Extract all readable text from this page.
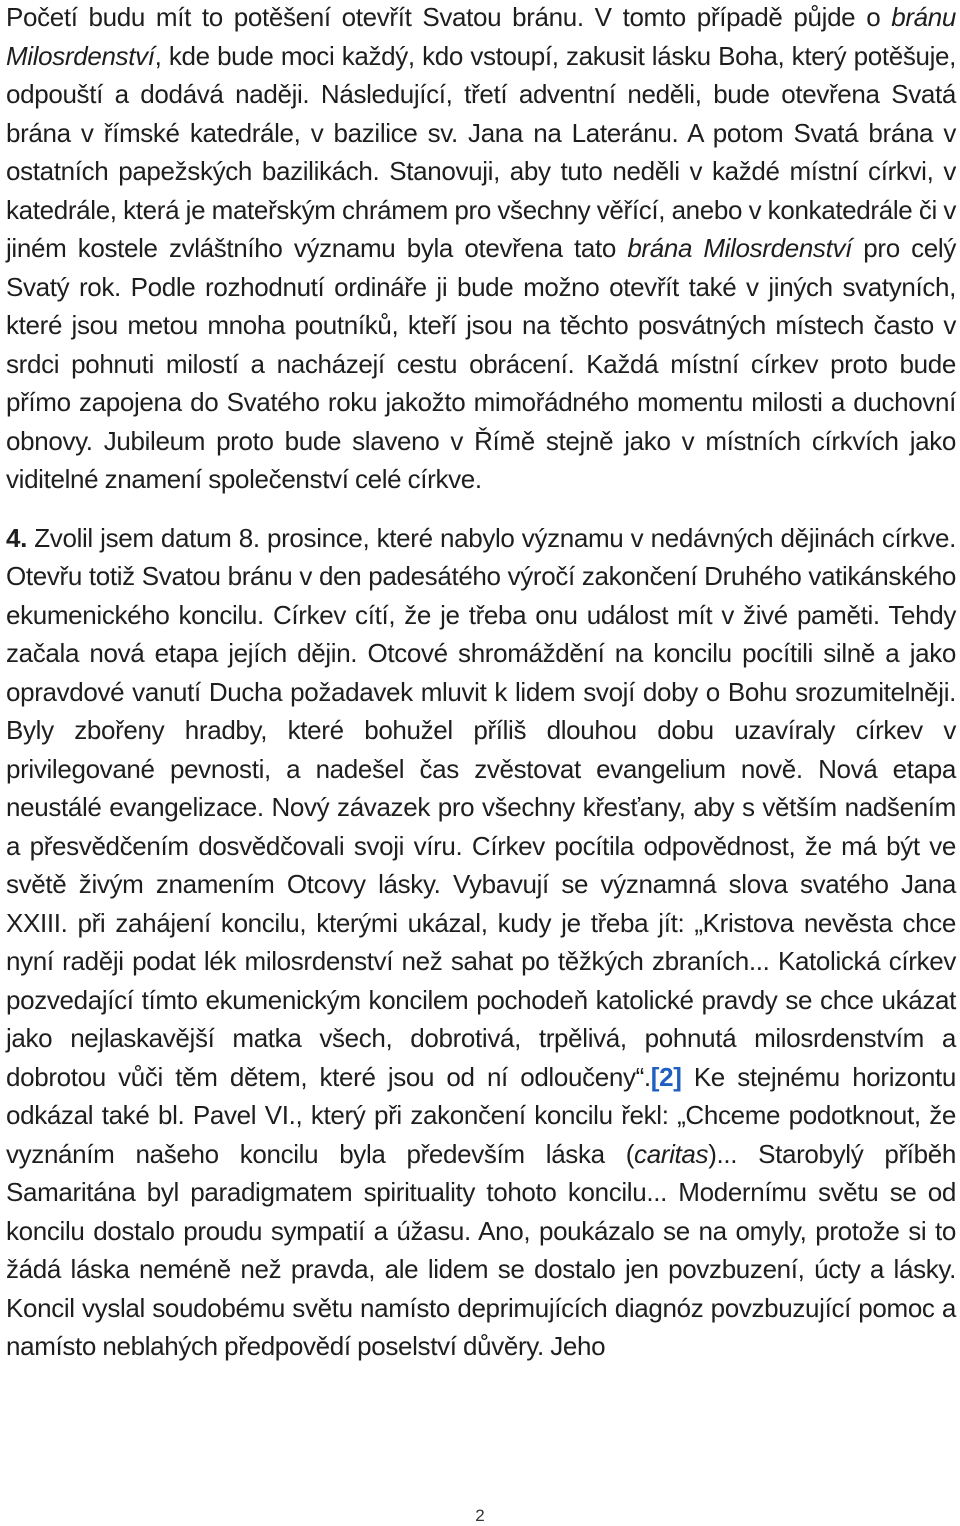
Početí budu mít to potěšení otevřít Svatou bránu. V tomto případě půjde o bránu Milosrdenství, kde bude moci každý, kdo vstoupí, zakusit lásku Boha, který potěšuje, odpouští a dodává naději. Následující, třetí adventní neděli, bude otevřena Svatá brána v římské katedrále, v bazilice sv. Jana na Lateránu. A potom Svatá brána v ostatních papežských bazilikách. Stanovuji, aby tuto neděli v každé místní církvi, v katedrále, která je mateřským chrámem pro všechny věřící, anebo v konkatedrále či v jiném kostele zvláštního významu byla otevřena tato brána Milosrdenství pro celý Svatý rok. Podle rozhodnutí ordináře ji bude možno otevřít také v jiných svatyních, které jsou metou mnoha poutníků, kteří jsou na těchto posvátných místech často v srdci pohnuti milostí a nacházejí cestu obrácení. Každá místní církev proto bude přímo zapojena do Svatého roku jakožto mimořádného momentu milosti a duchovní obnovy. Jubileum proto bude slaveno v Římě stejně jako v místních církvích jako viditelné znamení společenství celé církve.

4. Zvolil jsem datum 8. prosince, které nabylo významu v nedávných dějinách církve. Otevřu totiž Svatou bránu v den padesátého výročí zakončení Druhého vatikánského ekumenického koncilu. Církev cítí, že je třeba onu událost mít v živé paměti. Tehdy začala nová etapa jejích dějin. Otcové shromáždění na koncilu pocítili silně a jako opravdové vanutí Ducha požadavek mluvit k lidem svojí doby o Bohu srozumitelněji. Byly zbořeny hradby, které bohužel příliš dlouhou dobu uzavíraly církev v privilegované pevnosti, a nadešel čas zvěstovat evangelium nově. Nová etapa neustálé evangelizace. Nový závazek pro všechny křesťany, aby s větším nadšením a přesvědčením dosvědčovali svoji víru. Církev pocítila odpovědnost, že má být ve světě živým znamením Otcovy lásky. Vybavují se významná slova svatého Jana XXIII. při zahájení koncilu, kterými ukázal, kudy je třeba jít: „Kristova nevěsta chce nyní raději podat lék milosrdenství než sahat po těžkých zbraních... Katolická církev pozvedající tímto ekumenickým koncilem pochodeň katolické pravdy se chce ukázat jako nejlaskavější matka všech, dobrotivá, trpělivá, pohnutá milosrdenstvím a dobrotou vůči těm dětem, které jsou od ní odloučeny“.[2] Ke stejnému horizontu odkázal také bl. Pavel VI., který při zakončení koncilu řekl: „Chceme podotknout, že vyznáním našeho koncilu byla především láska (caritas)... Starobylý příběh Samaritána byl paradigmatem spirituality tohoto koncilu... Modernímu světu se od koncilu dostalo proudu sympatií a úžasu. Ano, poukázalo se na omyly, protože si to žádá láska neméně než pravda, ale lidem se dostalo jen povzbuzení, úcty a lásky. Koncil vyslal soudobému světu namísto deprimujících diagnóz povzbuzující pomoc a namísto neblahých předpovědí poselství důvěry. Jeho

2
